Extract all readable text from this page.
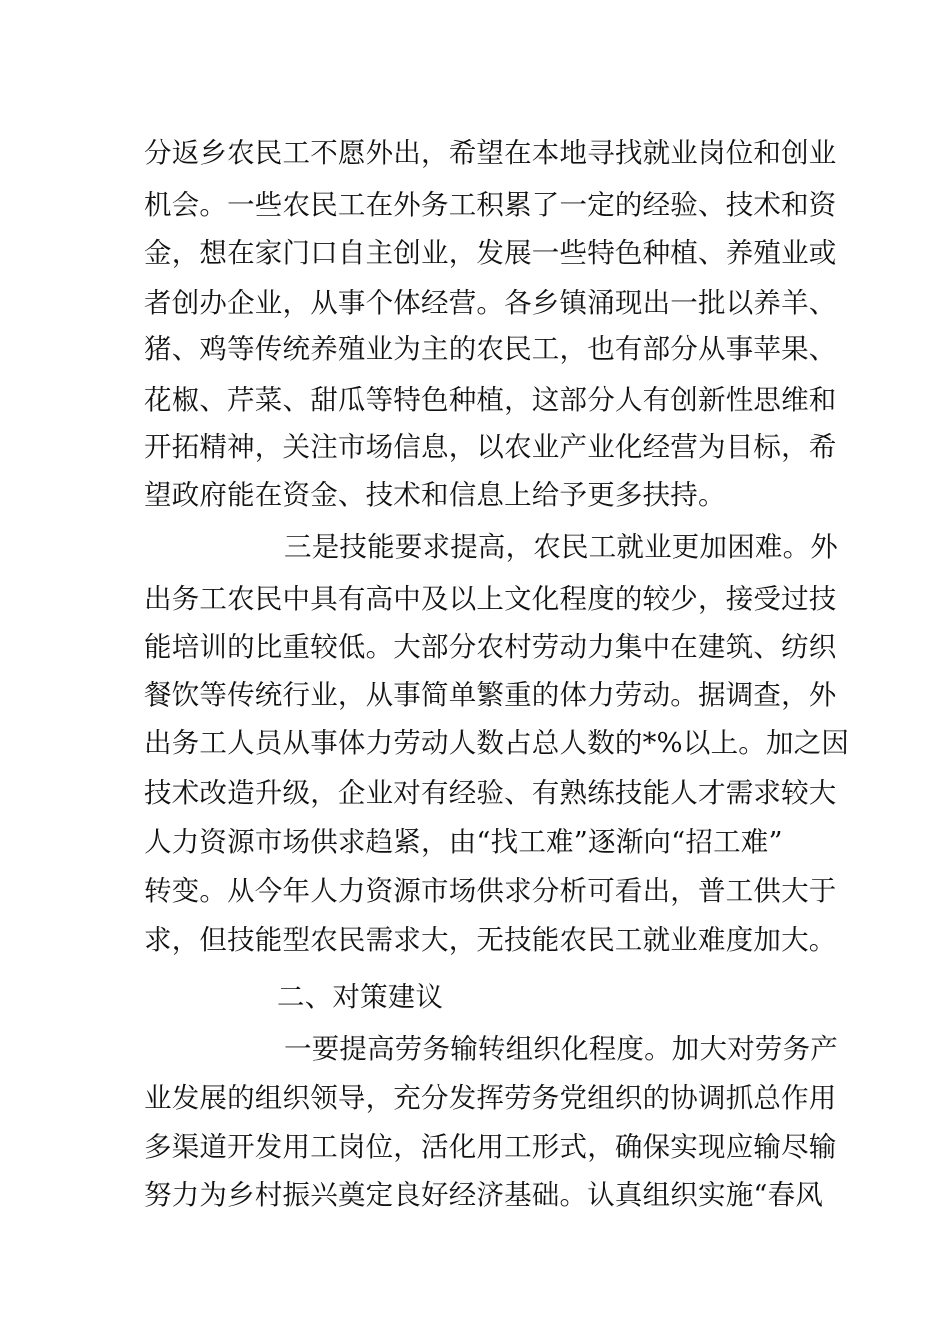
分返乡农民工不愿外出，希望在本地寻找就业岗位和创业
机会。一些农民工在外务工积累了一定的经验、技术和资
金，想在家门口自主创业，发展一些特色种植、养殖业或
者创办企业，从事个体经营。各乡镇涌现出一批以养羊、
猪、鸡等传统养殖业为主的农民工，也有部分从事苹果、
花椒、芹菜、甜瓜等特色种植，这部分人有创新性思维和
开拓精神，关注市场信息，以农业产业化经营为目标，希
望政府能在资金、技术和信息上给予更多扶持。
三是技能要求提高，农民工就业更加困难。外
出务工农民中具有高中及以上文化程度的较少，接受过技
能培训的比重较低。大部分农村劳动力集中在建筑、纺织
餐饮等传统行业，从事简单繁重的体力劳动。据调查，外
出务工人员从事体力劳动人数占总人数的*%以上。加之因
技术改造升级，企业对有经验、有熟练技能人才需求较大
人力资源市场供求趋紧，由“找工难”逐渐向“招工难”
转变。从今年人力资源市场供求分析可看出，普工供大于
求，但技能型农民需求大，无技能农民工就业难度加大。
二、对策建议
一要提高劳务输转组织化程度。加大对劳务产
业发展的组织领导，充分发挥劳务党组织的协调抓总作用
多渠道开发用工岗位，活化用工形式，确保实现应输尽输
努力为乡村振兴奠定良好经济基础。认真组织实施“春风
